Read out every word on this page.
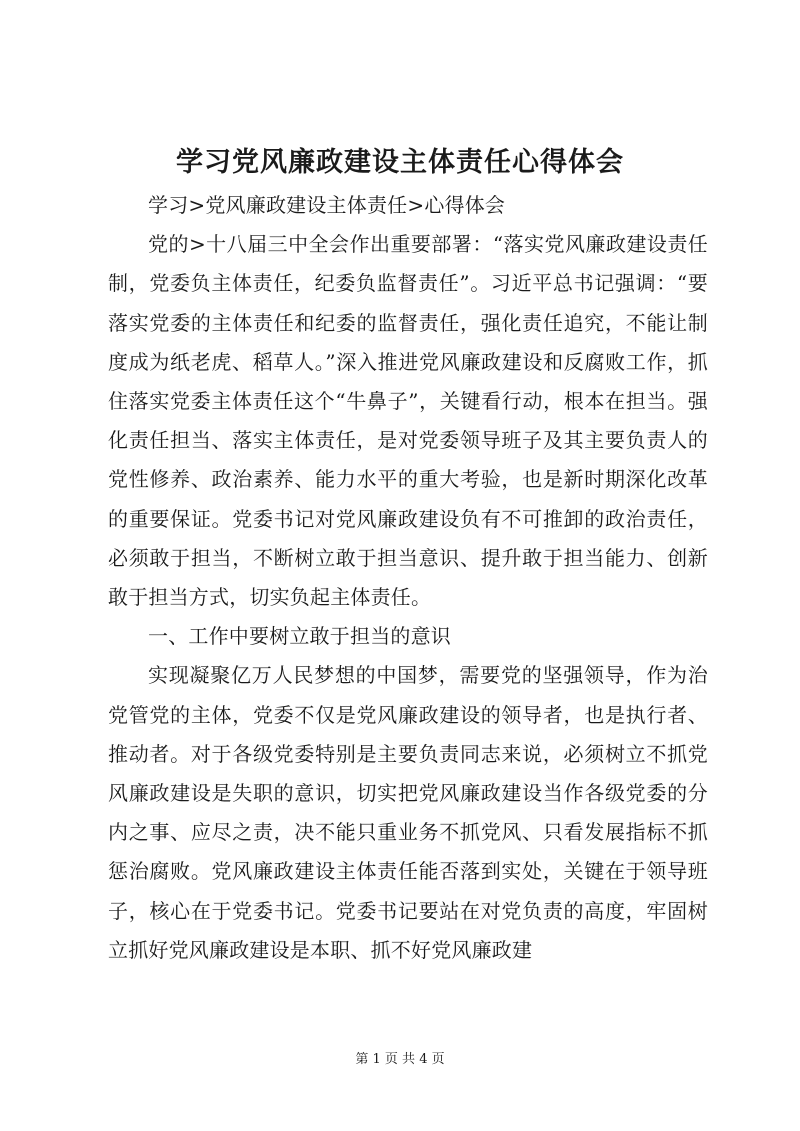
学习党风廉政建设主体责任心得体会

学习>党风廉政建设主体责任>心得体会

党的>十八届三中全会作出重要部署：“落实党风廉政建设责任制，党委负主体责任，纪委负监督责任”。习近平总书记强调：“要落实党委的主体责任和纪委的监督责任，强化责任追究，不能让制度成为纸老虎、稻草人。”深入推进党风廉政建设和反腐败工作，抓住落实党委主体责任这个“牛鼻子”，关键看行动，根本在担当。强化责任担当、落实主体责任，是对党委领导班子及其主要负责人的党性修养、政治素养、能力水平的重大考验，也是新时期深化改革的重要保证。党委书记对党风廉政建设负有不可推卸的政治责任，必须敢于担当，不断树立敢于担当意识、提升敢于担当能力、创新敢于担当方式，切实负起主体责任。

一、工作中要树立敢于担当的意识

实现凝聚亿万人民梦想的中国梦，需要党的坚强领导，作为治党管党的主体，党委不仅是党风廉政建设的领导者，也是执行者、推动者。对于各级党委特别是主要负责同志来说，必须树立不抓党风廉政建设是失职的意识，切实把党风廉政建设当作各级党委的分内之事、应尽之责，决不能只重业务不抓党风、只看发展指标不抓惩治腐败。党风廉政建设主体责任能否落到实处，关键在于领导班子，核心在于党委书记。党委书记要站在对党负责的高度，牢固树立抓好党风廉政建设是本职、抓不好党风廉政建

第 1 页 共 4 页
